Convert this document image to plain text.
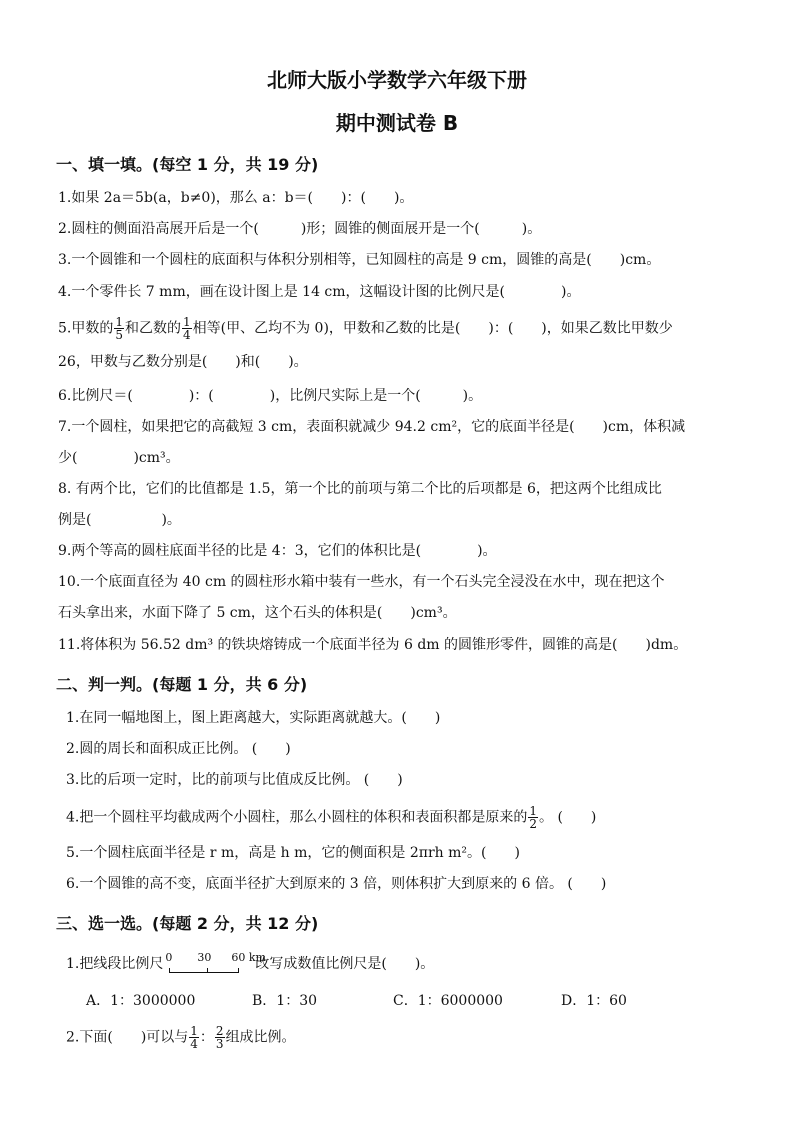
北师大版小学数学六年级下册
期中测试卷 B
一、填一填。(每空 1 分，共 19 分)
1.如果 2a＝5b(a，b≠0)，那么 a：b＝(　　)：(　　)。
2.圆柱的侧面沿高展开后是一个(　　　)形；圆锥的侧面展开是一个(　　　)。
3.一个圆锥和一个圆柱的底面积与体积分别相等，已知圆柱的高是 9 cm，圆锥的高是(　　)cm。
4.一个零件长 7 mm，画在设计图上是 14 cm，这幅设计图的比例尺是(　　　　)。
5.甲数的 $\frac{1}{5}$ 和乙数的 $\frac{1}{4}$ 相等(甲、乙均不为 0)，甲数和乙数的比是(　　)：(　　)，如果乙数比甲数少
26，甲数与乙数分别是(　　)和(　　)。
6.比例尺＝(　　　　)：(　　　　)，比例尺实际上是一个(　　　)。
7.一个圆柱，如果把它的高截短 3 cm，表面积就减少 94.2 cm²，它的底面半径是(　　)cm，体积减
少(　　　　)cm³。
8. 有两个比，它们的比值都是 1.5，第一个比的前项与第二个比的后项都是 6，把这两个比组成比
例是(　　　　　)。
9.两个等高的圆柱底面半径的比是 4：3，它们的体积比是(　　　　)。
10.一个底面直径为 40 cm 的圆柱形水箱中装有一些水，有一个石头完全浸没在水中，现在把这个
石头拿出来，水面下降了 5 cm，这个石头的体积是(　　)cm³。
11.将体积为 56.52 dm³ 的铁块熔铸成一个底面半径为 6 dm 的圆锥形零件，圆锥的高是(　　)dm。
二、判一判。(每题 1 分，共 6 分)
1.在同一幅地图上，图上距离越大，实际距离就越大。(　　)
2.圆的周长和面积成正比例。 (　　)
3.比的后项一定时，比的前项与比值成反比例。 (　　)
4.把一个圆柱平均截成两个小圆柱，那么小圆柱的体积和表面积都是原来的 $\frac{1}{2}$ 。 (　　)
5.一个圆柱底面半径是 r m，高是 h m，它的侧面积是 2πrh m²。(　　)
6.一个圆锥的高不变，底面半径扩大到原来的 3 倍，则体积扩大到原来的 6 倍。 (　　)
三、选一选。(每题 2 分，共 12 分)
1.把线段比例尺 0 30 60 km
改写成数值比例尺是(　　)。
A．1：3000000	B．1：30	C．1：6000000	D．1：60
2.下面(　　)可以与 $\frac{1}{4}$ ： $\frac{2}{3}$ 组成比例。
